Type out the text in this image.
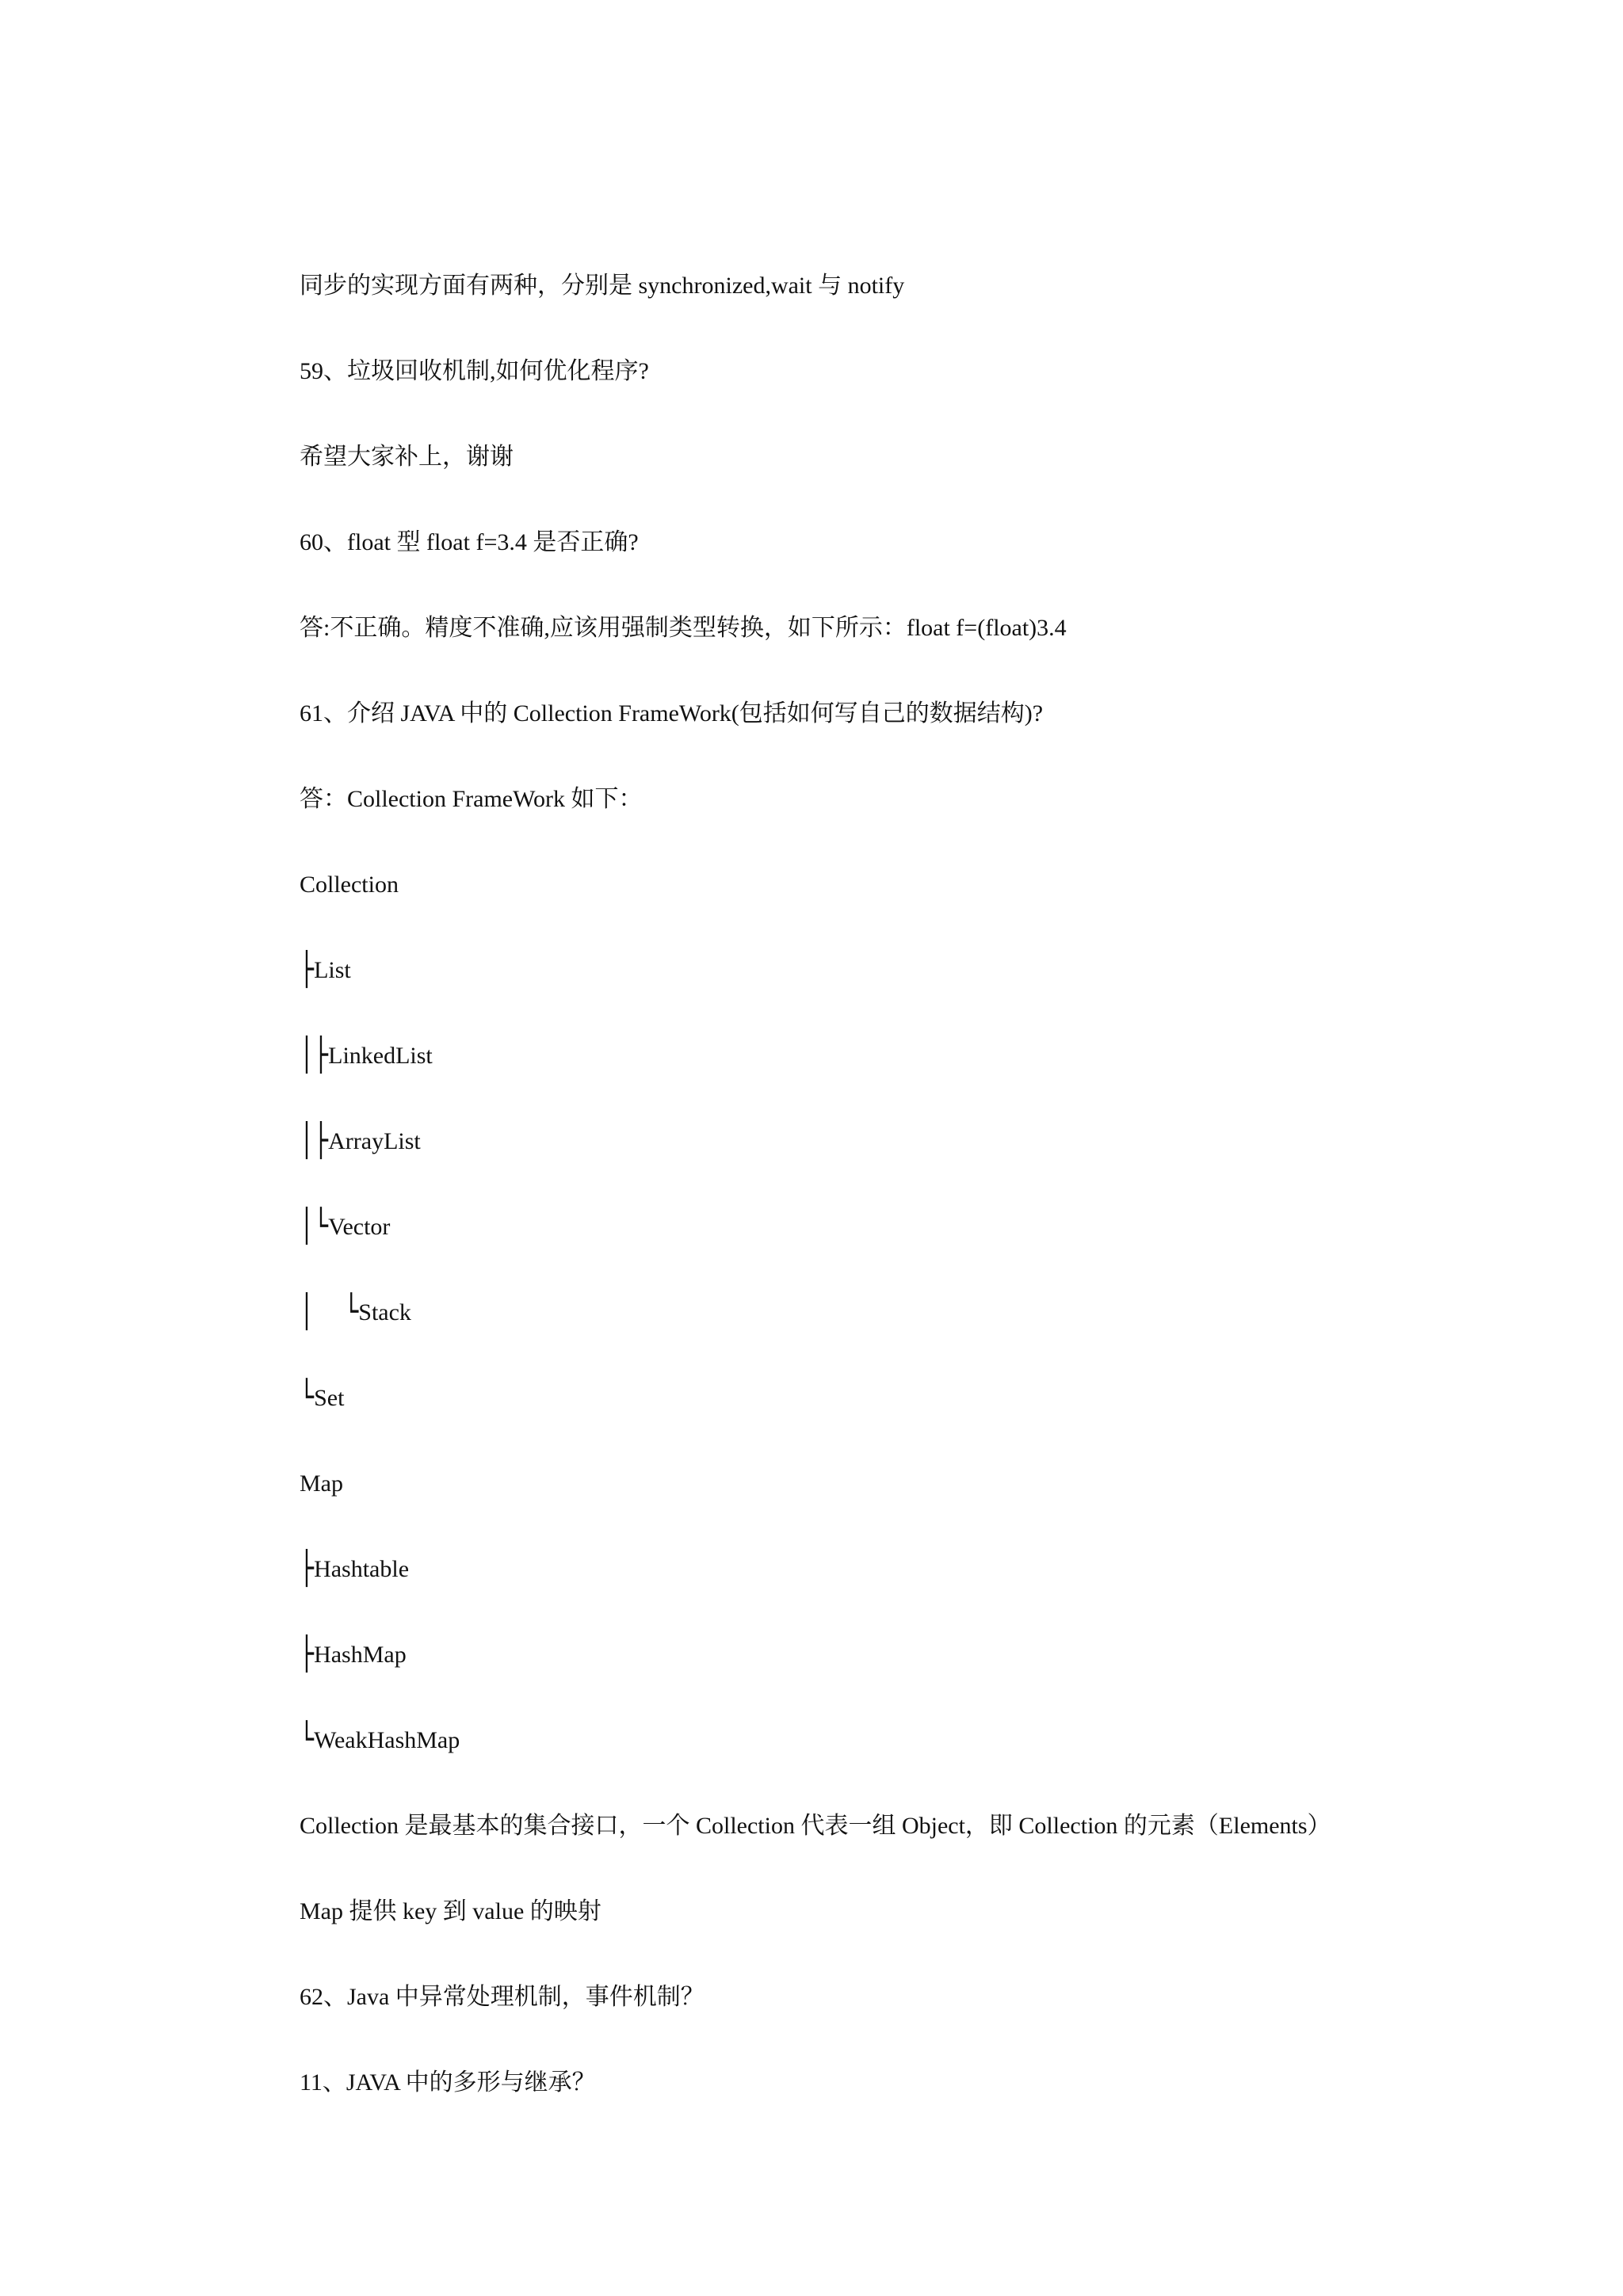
同步的实现方面有两种，分别是 synchronized,wait 与 notify
59、垃圾回收机制,如何优化程序?
希望大家补上，谢谢
60、float 型 float f=3.4 是否正确?
答:不正确。精度不准确,应该用强制类型转换，如下所示：float f=(float)3.4
61、介绍 JAVA 中的 Collection FrameWork(包括如何写自己的数据结构)?
答：Collection FrameWork 如下：
Collection
├List
│├LinkedList
│├ArrayList
│└Vector
│    └Stack
└Set
Map
├Hashtable
├HashMap
└WeakHashMap
Collection 是最基本的集合接口，一个 Collection 代表一组 Object，即 Collection 的元素（Elements）
Map 提供 key 到 value 的映射
62、Java 中异常处理机制，事件机制？
11、JAVA 中的多形与继承？
